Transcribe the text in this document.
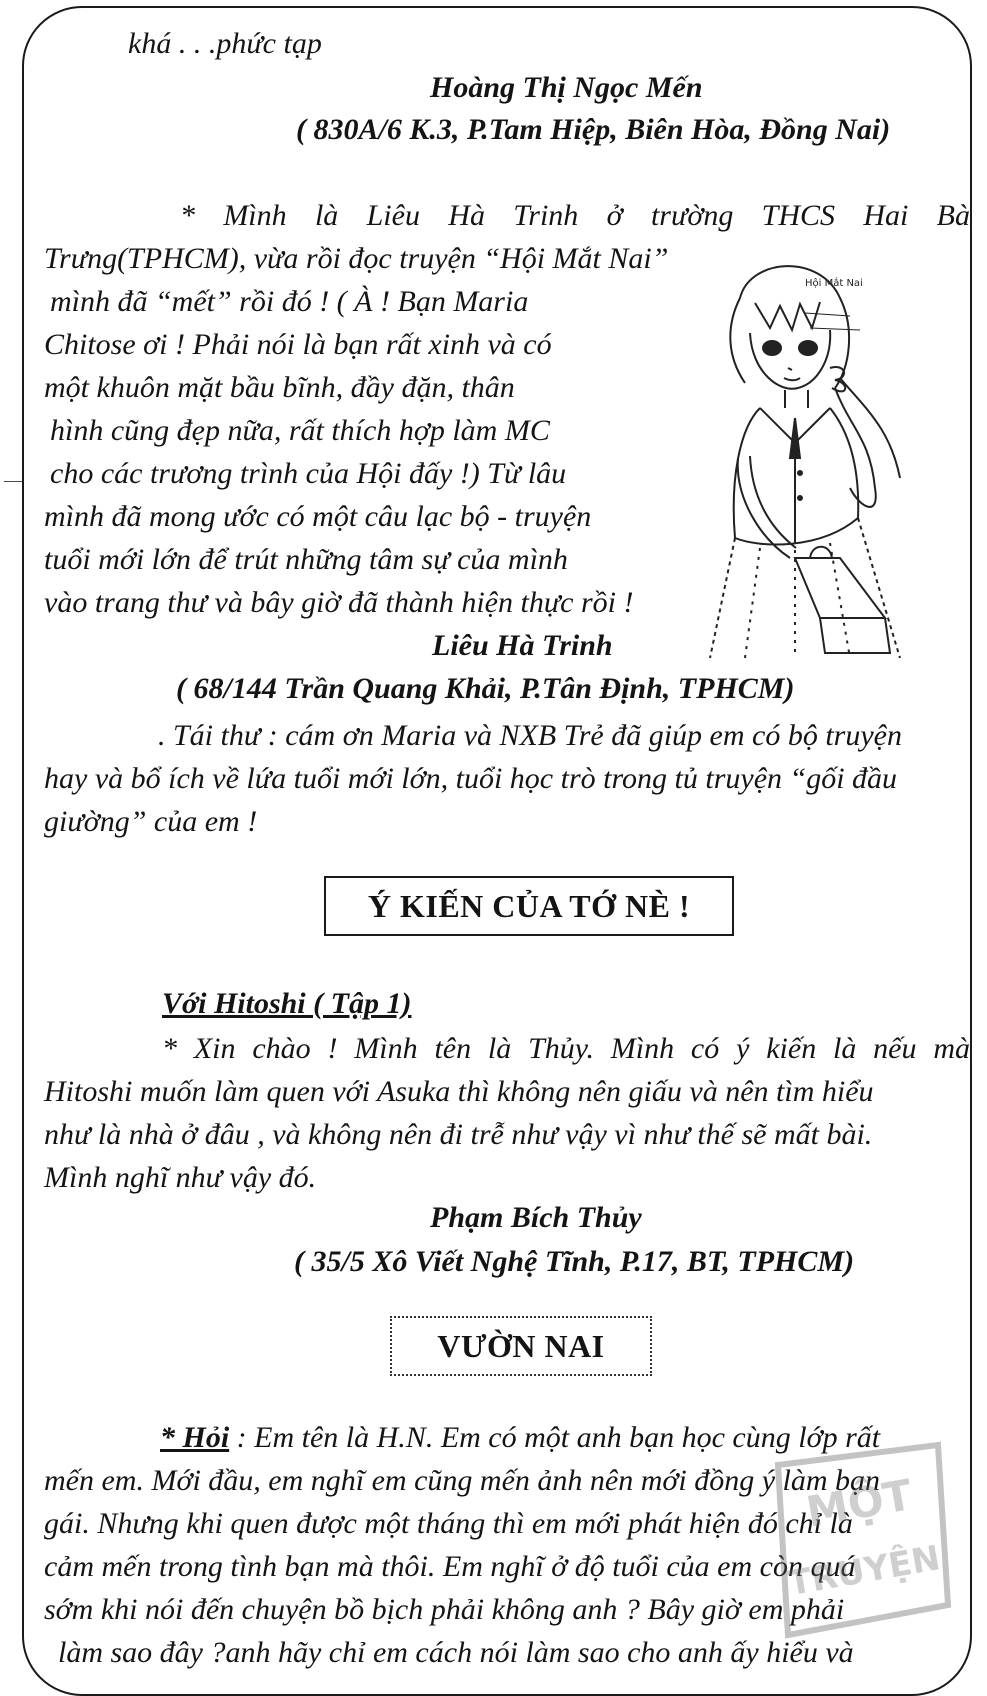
—
khá . . .phức tạp
Hoàng Thị Ngọc Mến
( 830A/6 K.3, P.Tam Hiệp, Biên Hòa, Đồng Nai)
* Mình là Liêu Hà Trinh ở trường THCS Hai Bà
Trưng(TPHCM), vừa rồi đọc truyện “Hội Mắt Nai”
mình đã “mết” rồi đó ! ( À ! Bạn Maria
Chitose ơi ! Phải nói là bạn rất xinh và có
một khuôn mặt bầu bĩnh, đầy đặn, thân
hình cũng đẹp nữa, rất thích hợp làm MC
cho các trương trình của Hội đấy !) Từ lâu
mình đã mong ước có một câu lạc bộ - truyện
tuổi mới lớn để trút những tâm sự của mình
vào trang thư và bây giờ đã thành hiện thực rồi !
Hội Mắt Nai
Liêu Hà Trinh
( 68/144 Trần Quang Khải, P.Tân Định, TPHCM)
. Tái thư : cám ơn Maria và NXB Trẻ đã giúp em có bộ truyện
hay và bổ ích về lứa tuổi mới lớn, tuổi học trò trong tủ truyện “gối đầu
giường” của em !
Ý KIẾN CỦA TỚ NÈ !
Với Hitoshi ( Tập 1)
* Xin chào ! Mình tên là Thủy. Mình có ý kiến là nếu mà
Hitoshi muốn làm quen với Asuka thì không nên giấu và nên tìm hiểu
như là nhà ở đâu , và không nên đi trễ như vậy vì như thế sẽ mất bài.
Mình nghĩ như vậy đó.
Phạm Bích Thủy
( 35/5 Xô Viết Nghệ Tĩnh, P.17, BT, TPHCM)
VƯỜN NAI
* Hỏi : Em tên là H.N. Em có một anh bạn học cùng lớp rất
mến em. Mới đầu, em nghĩ em cũng mến ảnh nên mới đồng ý làm bạn
gái. Nhưng khi quen được một tháng thì em mới phát hiện đó chỉ là
cảm mến trong tình bạn mà thôi. Em nghĩ ở độ tuổi của em còn quá
sớm khi nói đến chuyện bồ bịch phải không anh ? Bây giờ em phải
làm sao đây ?anh hãy chỉ em cách nói làm sao cho anh ấy hiểu và
MỘT
TRUYỆN
